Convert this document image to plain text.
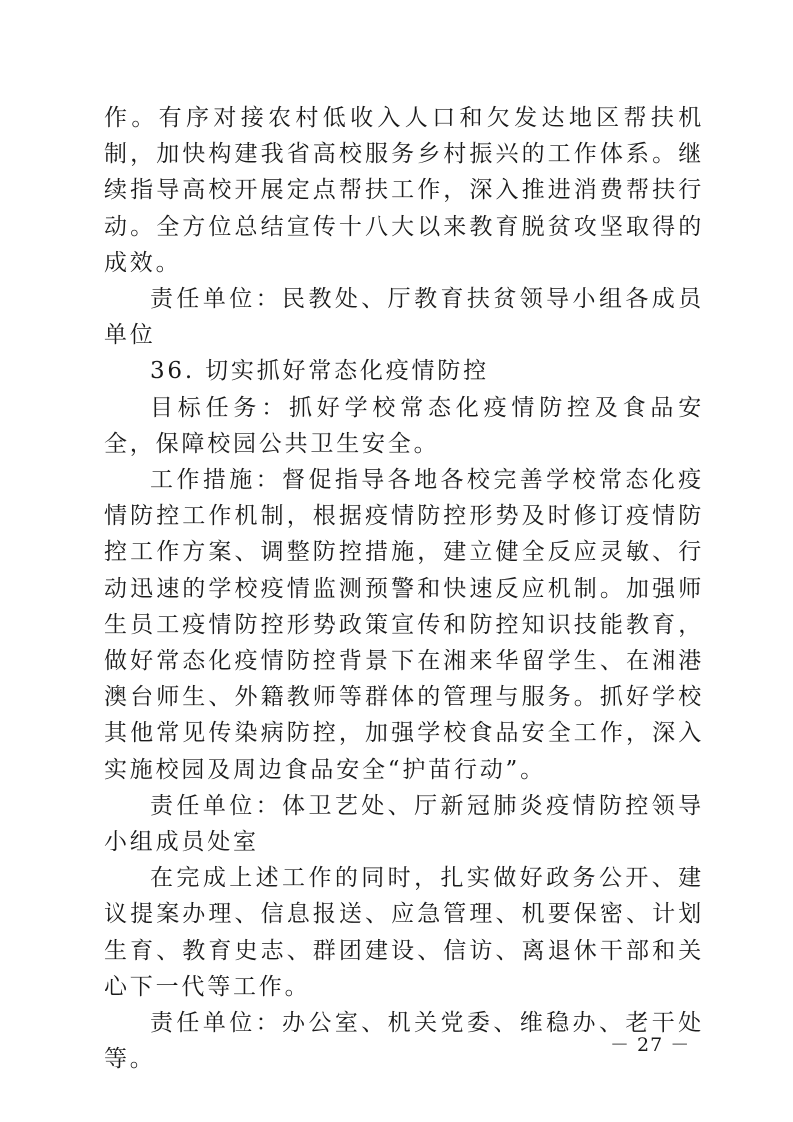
作。有序对接农村低收入人口和欠发达地区帮扶机制，加快构建我省高校服务乡村振兴的工作体系。继续指导高校开展定点帮扶工作，深入推进消费帮扶行动。全方位总结宣传十八大以来教育脱贫攻坚取得的成效。

责任单位：民教处、厅教育扶贫领导小组各成员单位

36. 切实抓好常态化疫情防控

目标任务：抓好学校常态化疫情防控及食品安全，保障校园公共卫生安全。

工作措施：督促指导各地各校完善学校常态化疫情防控工作机制，根据疫情防控形势及时修订疫情防控工作方案、调整防控措施，建立健全反应灵敏、行动迅速的学校疫情监测预警和快速反应机制。加强师生员工疫情防控形势政策宣传和防控知识技能教育，做好常态化疫情防控背景下在湘来华留学生、在湘港澳台师生、外籍教师等群体的管理与服务。抓好学校其他常见传染病防控，加强学校食品安全工作，深入实施校园及周边食品安全“护苗行动”。

责任单位：体卫艺处、厅新冠肺炎疫情防控领导小组成员处室

在完成上述工作的同时，扎实做好政务公开、建议提案办理、信息报送、应急管理、机要保密、计划生育、教育史志、群团建设、信访、离退休干部和关心下一代等工作。

责任单位：办公室、机关党委、维稳办、老干处等。

－ 27 －
